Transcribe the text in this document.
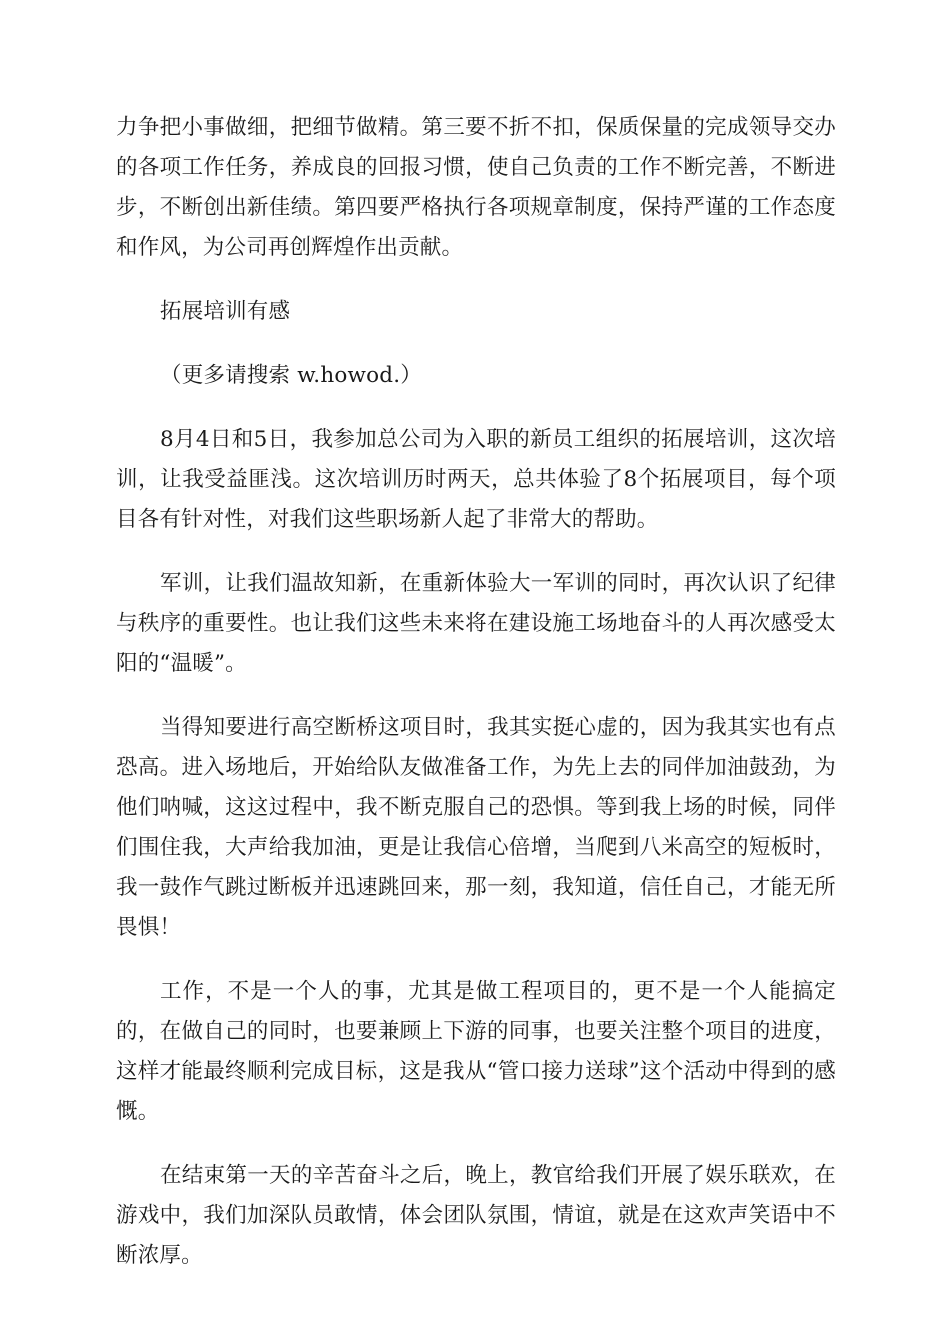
力争把小事做细，把细节做精。第三要不折不扣，保质保量的完成领导交办的各项工作任务，养成良的回报习惯，使自己负责的工作不断完善，不断进步，不断创出新佳绩。第四要严格执行各项规章制度，保持严谨的工作态度和作风，为公司再创辉煌作出贡献。

拓展培训有感

（更多请搜索 w.howod.）

8月4日和5日，我参加总公司为入职的新员工组织的拓展培训，这次培训，让我受益匪浅。这次培训历时两天，总共体验了8个拓展项目，每个项目各有针对性，对我们这些职场新人起了非常大的帮助。

军训，让我们温故知新，在重新体验大一军训的同时，再次认识了纪律与秩序的重要性。也让我们这些未来将在建设施工场地奋斗的人再次感受太阳的“温暖”。

当得知要进行高空断桥这项目时，我其实挺心虚的，因为我其实也有点恐高。进入场地后，开始给队友做准备工作，为先上去的同伴加油鼓劲，为他们呐喊，这这过程中，我不断克服自己的恐惧。等到我上场的时候，同伴们围住我，大声给我加油，更是让我信心倍增，当爬到八米高空的短板时，我一鼓作气跳过断板并迅速跳回来，那一刻，我知道，信任自己，才能无所畏惧！

工作，不是一个人的事，尤其是做工程项目的，更不是一个人能搞定的，在做自己的同时，也要兼顾上下游的同事，也要关注整个项目的进度，这样才能最终顺利完成目标，这是我从“管口接力送球”这个活动中得到的感慨。

在结束第一天的辛苦奋斗之后，晚上，教官给我们开展了娱乐联欢，在游戏中，我们加深队员敢情，体会团队氛围，情谊，就是在这欢声笑语中不断浓厚。
